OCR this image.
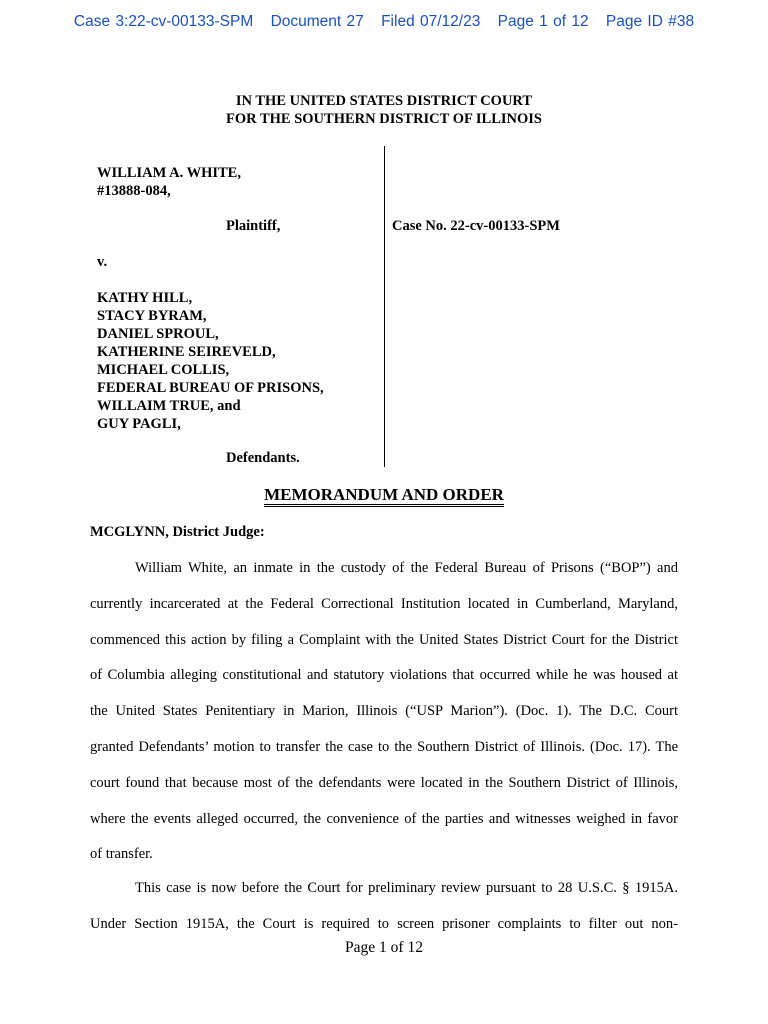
Case 3:22-cv-00133-SPM Document 27 Filed 07/12/23 Page 1 of 12 Page ID #38
IN THE UNITED STATES DISTRICT COURT
FOR THE SOUTHERN DISTRICT OF ILLINOIS
WILLIAM A. WHITE,
#13888-084,
Plaintiff,	Case No. 22-cv-00133-SPM
v.
KATHY HILL,
STACY BYRAM,
DANIEL SPROUL,
KATHERINE SEIREVELD,
MICHAEL COLLIS,
FEDERAL BUREAU OF PRISONS,
WILLAIM TRUE, and
GUY PAGLI,
Defendants.
MEMORANDUM AND ORDER
MCGLYNN, District Judge:
William White, an inmate in the custody of the Federal Bureau of Prisons (“BOP”) and
currently incarcerated at the Federal Correctional Institution located in Cumberland, Maryland,
commenced this action by filing a Complaint with the United States District Court for the District
of Columbia alleging constitutional and statutory violations that occurred while he was housed at
the United States Penitentiary in Marion, Illinois (“USP Marion”). (Doc. 1). The D.C. Court
granted Defendants’ motion to transfer the case to the Southern District of Illinois. (Doc. 17). The
court found that because most of the defendants were located in the Southern District of Illinois,
where the events alleged occurred, the convenience of the parties and witnesses weighed in favor
of transfer.
This case is now before the Court for preliminary review pursuant to 28 U.S.C. § 1915A.
Under Section 1915A, the Court is required to screen prisoner complaints to filter out non-
Page 1 of 12
